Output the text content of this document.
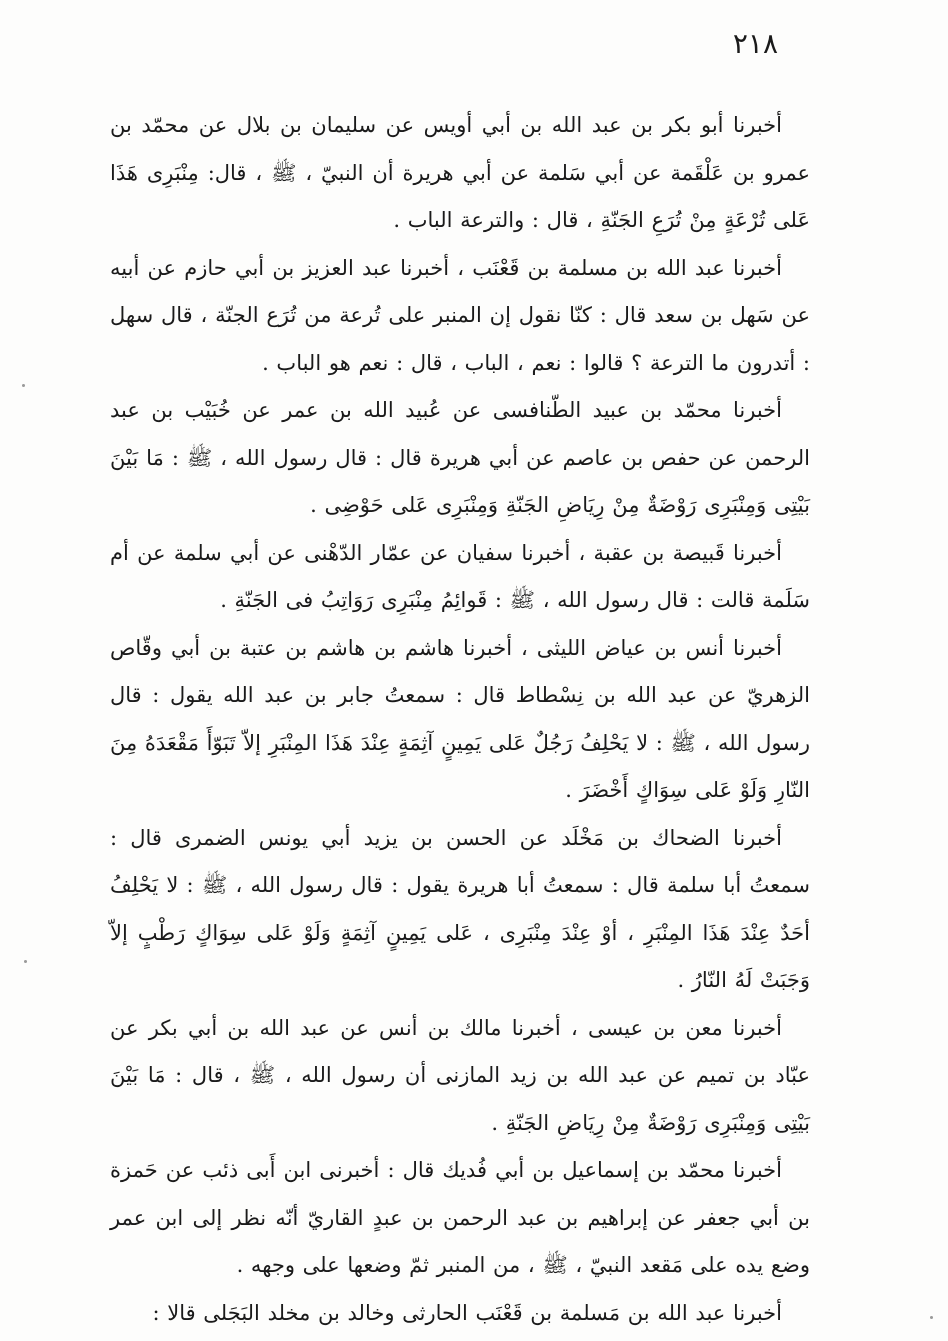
٢١٨

أخبرنا أبو بكر بن عبد الله بن أبي أويس عن سليمان بن بلال عن محمّد بن عمرو بن عَلْقَمة عن أبي سَلمة عن أبي هريرة أن النبيّ ، ﷺ ، قال: مِنْبَرِى هَذَا عَلى تُرْعَةٍ مِنْ تُرَعِ الجَنّةِ ، قال : والترعة الباب .

أخبرنا عبد الله بن مسلمة بن قَعْنَب ، أخبرنا عبد العزيز بن أبي حازم عن أبيه عن سَهل بن سعد قال : كنّا نقول إن المنبر على تُرعة من تُرَع الجنّة ، قال سهل : أتدرون ما الترعة ؟ قالوا : نعم ، الباب ، قال : نعم هو الباب .

أخبرنا محمّد بن عبيد الطّنافسى عن عُبيد الله بن عمر عن خُبَيْب بن عبد الرحمن عن حفص بن عاصم عن أبي هريرة قال : قال رسول الله ، ﷺ : مَا بَيْنَ بَيْتِى وَمِنْبَرِى رَوْضَةٌ مِنْ رِيَاضِ الجَنّةِ وَمِنْبَرِى عَلى حَوْضِى .

أخبرنا قَبيصة بن عقبة ، أخبرنا سفيان عن عمّار الدّهْنى عن أبي سلمة عن أم سَلَمة قالت : قال رسول الله ، ﷺ : قَوائِمُ مِنْبَرِى رَوَاتِبُ فى الجَنّةِ .

أخبرنا أنس بن عياض الليثى ، أخبرنا هاشم بن هاشم بن عتبة بن أبي وقّاص الزهريّ عن عبد الله بن نِسْطاط قال : سمعتُ جابر بن عبد الله يقول : قال رسول الله ، ﷺ : لا يَحْلِفُ رَجُلٌ عَلى يَمِينٍ آثِمَةٍ عِنْدَ هَذَا المِنْبَرِ إلاّ تَبَوّأَ مَقْعَدَهُ مِنَ النّارِ وَلَوْ عَلى سِوَاكٍ أَخْضَرَ .

أخبرنا الضحاك بن مَخْلَد عن الحسن بن يزيد أبي يونس الضمرى قال : سمعتُ أبا سلمة قال : سمعتُ أبا هريرة يقول : قال رسول الله ، ﷺ : لا يَحْلِفُ أحَدٌ عِنْدَ هَذَا المِنْبَرِ ، أوْ عِنْدَ مِنْبَرِى ، عَلى يَمِينٍ آثِمَةٍ وَلَوْ عَلى سِوَاكٍ رَطْبٍ إلاّ وَجَبَتْ لَهُ النّارُ .

أخبرنا معن بن عيسى ، أخبرنا مالك بن أنس عن عبد الله بن أبي بكر عن عبّاد بن تميم عن عبد الله بن زيد المازنى أن رسول الله ، ﷺ ، قال : مَا بَيْنَ بَيْتِى وَمِنْبَرِى رَوْضَةٌ مِنْ رِيَاضِ الجَنّةِ .

أخبرنا محمّد بن إسماعيل بن أبي فُديك قال : أخبرنى ابن أَبى ذئب عن حَمزة بن أبي جعفر عن إبراهيم بن عبد الرحمن بن عبدٍ القاريّ أنّه نظر إلى ابن عمر وضع يده على مَقعد النبيّ ، ﷺ ، من المنبر ثمّ وضعها على وجهه .

أخبرنا عبد الله بن مَسلمة بن قَعْنَب الحارثى وخالد بن مخلد البَجَلى قالا :
